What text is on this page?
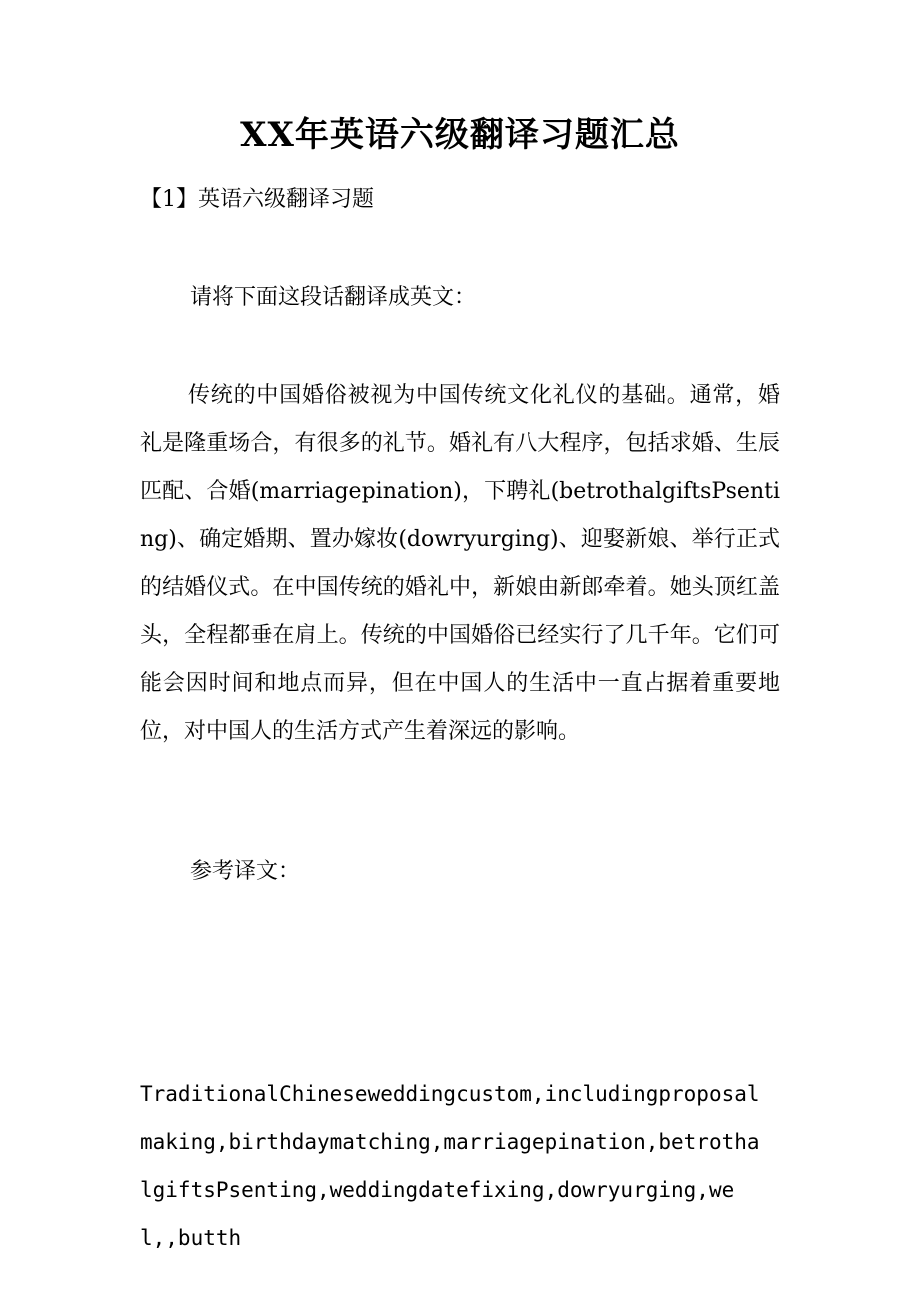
XX年英语六级翻译习题汇总
【1】英语六级翻译习题
请将下面这段话翻译成英文：
传统的中国婚俗被视为中国传统文化礼仪的基础。通常，婚礼是隆重场合，有很多的礼节。婚礼有八大程序，包括求婚、生辰匹配、合婚(marriagepination)，下聘礼(betrothalgiftsPsenting)、确定婚期、置办嫁妆(dowryurging)、迎娶新娘、举行正式的结婚仪式。在中国传统的婚礼中，新娘由新郎牵着。她头顶红盖头，全程都垂在肩上。传统的中国婚俗已经实行了几千年。它们可能会因时间和地点而异，但在中国人的生活中一直占据着重要地位，对中国人的生活方式产生着深远的影响。
参考译文：
TraditionalChineseweddingcustom,includingproposalmaking,birthdaymatching,marriagepination,betrothalgiftsPsenting,weddingdatefixing,dowryurging,wel,,butth
